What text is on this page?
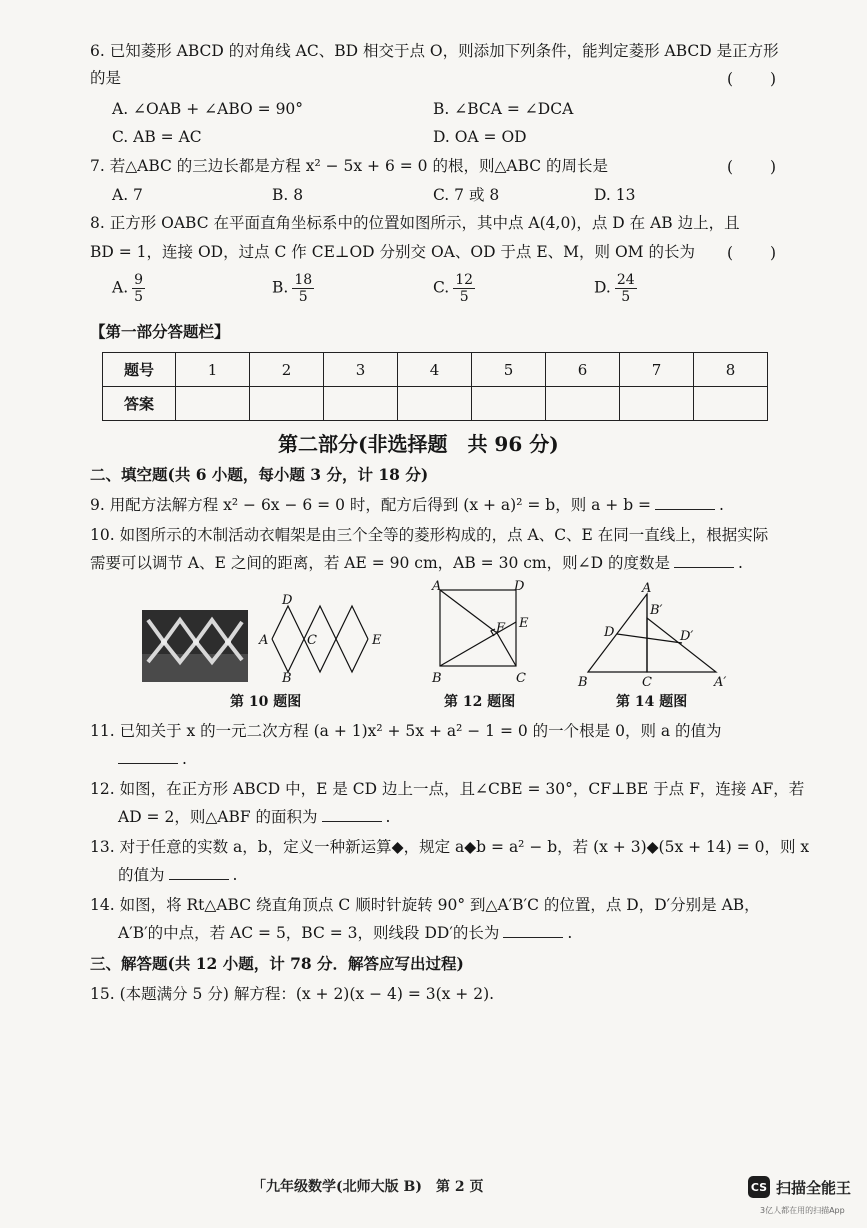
6. 已知菱形 ABCD 的对角线 AC、BD 相交于点 O，则添加下列条件，能判定菱形 ABCD 是正方形
的是	(　　)
A. ∠OAB + ∠ABO = 90°	B. ∠BCA = ∠DCA
C. AB = AC	D. OA = OD
7. 若△ABC 的三边长都是方程 x² − 5x + 6 = 0 的根，则△ABC 的周长是	(　　)
A. 7	B. 8	C. 7 或 8	D. 13
8. 正方形 OABC 在平面直角坐标系中的位置如图所示，其中点 A(4,0)，点 D 在 AB 边上，且
BD = 1，连接 OD，过点 C 作 CE⊥OD 分别交 OA、OD 于点 E、M，则 OM 的长为 (　　)
A. $\frac{9}{5}$	B. $\frac{18}{5}$	C. $\frac{12}{5}$	D. $\frac{24}{5}$
【第一部分答题栏】
题号	1	2	3	4	5	6	7	8
答案								
第二部分(非选择题　共 96 分)
二、填空题(共 6 小题，每小题 3 分，计 18 分)
9. 用配方法解方程 x² − 6x − 6 = 0 时，配方后得到 (x + a)² = b，则 a + b =	.
10. 如图所示的木制活动衣帽架是由三个全等的菱形构成的，点 A、C、E 在同一直线上，根据实际
需要可以调节 A、E 之间的距离，若 AE = 90 cm，AB = 30 cm，则∠D 的度数是	.
D
A	C	E
B
第 10 题图
A	D
F E
B	C
第 12 题图
A
B′
D	D′
B	C	A′
第 14 题图
11. 已知关于 x 的一元二次方程 (a + 1)x² + 5x + a² − 1 = 0 的一个根是 0，则 a 的值为
.
12. 如图，在正方形 ABCD 中，E 是 CD 边上一点，且∠CBE = 30°，CF⊥BE 于点 F，连接 AF，若
AD = 2，则△ABF 的面积为	.
13. 对于任意的实数 a，b，定义一种新运算◆，规定 a◆b = a² − b，若 (x + 3)◆(5x + 14) = 0，则 x
的值为	.
14. 如图，将 Rt△ABC 绕直角顶点 C 顺时针旋转 90° 到△A′B′C 的位置，点 D，D′分别是 AB，
A′B′的中点，若 AC = 5，BC = 3，则线段 DD′的长为	.
三、解答题(共 12 小题，计 78 分．解答应写出过程)
15. (本题满分 5 分) 解方程：(x + 2)(x − 4) = 3(x + 2).
「九年级数学(北师大版 B)　第 2 页	CS 扫描全能王
3亿人都在用的扫描App
